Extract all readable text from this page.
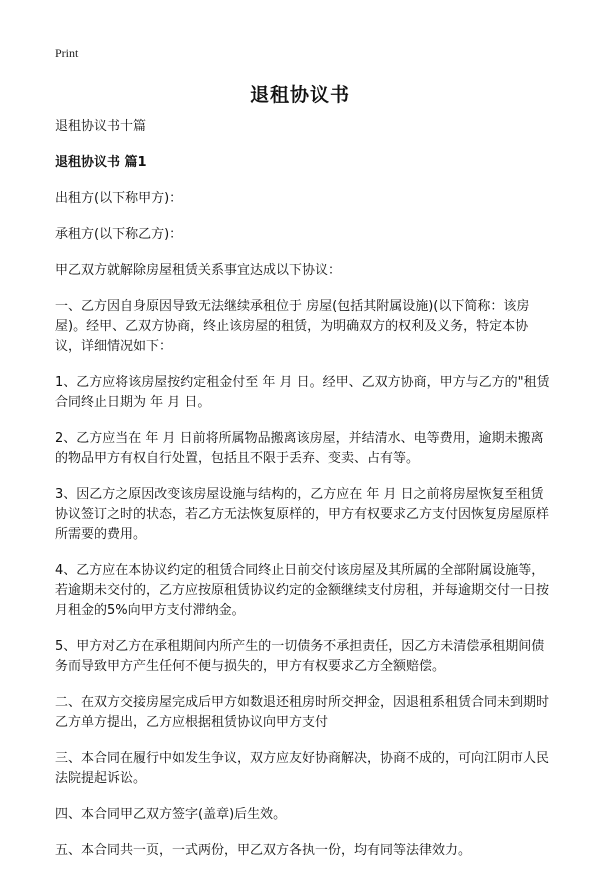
Print
退租协议书

退租协议书十篇

退租协议书 篇1

出租方(以下称甲方)：

承租方(以下称乙方)：

甲乙双方就解除房屋租赁关系事宜达成以下协议：

一、乙方因自身原因导致无法继续承租位于 房屋(包括其附属设施)(以下简称：该房屋)。经甲、乙双方协商，终止该房屋的租赁，为明确双方的权利及义务，特定本协议，详细情况如下：

1、乙方应将该房屋按约定租金付至 年 月 日。经甲、乙双方协商，甲方与乙方的"租赁合同终止日期为 年 月 日。

2、乙方应当在 年 月 日前将所属物品搬离该房屋，并结清水、电等费用，逾期未搬离的物品甲方有权自行处置，包括且不限于丢弃、变卖、占有等。

3、因乙方之原因改变该房屋设施与结构的，乙方应在 年 月 日之前将房屋恢复至租赁协议签订之时的状态，若乙方无法恢复原样的，甲方有权要求乙方支付因恢复房屋原样所需要的费用。

4、乙方应在本协议约定的租赁合同终止日前交付该房屋及其所属的全部附属设施等，若逾期未交付的，乙方应按原租赁协议约定的金额继续支付房租，并每逾期交付一日按月租金的5%向甲方支付滞纳金。

5、甲方对乙方在承租期间内所产生的一切债务不承担责任，因乙方未清偿承租期间债务而导致甲方产生任何不便与损失的，甲方有权要求乙方全额赔偿。

二、在双方交接房屋完成后甲方如数退还租房时所交押金，因退租系租赁合同未到期时乙方单方提出，乙方应根据租赁协议向甲方支付

三、本合同在履行中如发生争议，双方应友好协商解决，协商不成的，可向江阴市人民法院提起诉讼。

四、本合同甲乙双方签字(盖章)后生效。

五、本合同共一页，一式两份，甲乙双方各执一份，均有同等法律效力。
